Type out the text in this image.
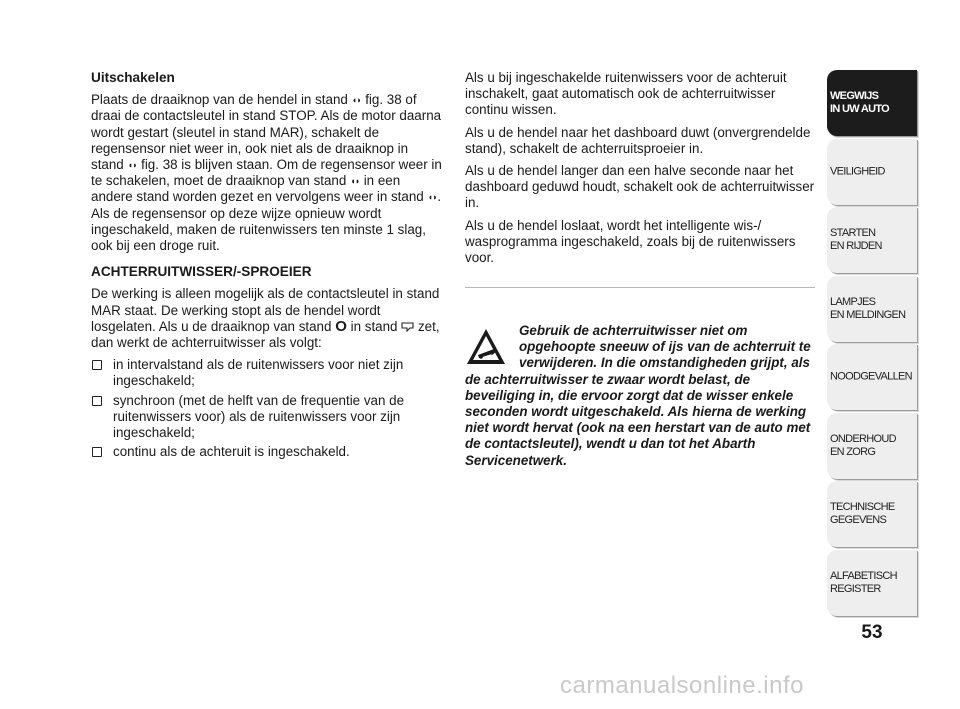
Uitschakelen

Plaats de draaiknop van de hendel in stand ◖◗ fig. 38 of draai de contactsleutel in stand STOP. Als de motor daarna wordt gestart (sleutel in stand MAR), schakelt de regensensor niet weer in, ook niet als de draaiknop in stand ◖◗ fig. 38 is blijven staan. Om de regensensor weer in te schakelen, moet de draaiknop van stand ◖◗ in een andere stand worden gezet en vervolgens weer in stand ◖◗. Als de regensensor op deze wijze opnieuw wordt ingeschakeld, maken de ruitenwissers ten minste 1 slag, ook bij een droge ruit.

ACHTERRUITWISSER/-SPROEIER

De werking is alleen mogelijk als de contactsleutel in stand MAR staat. De werking stopt als de hendel wordt losgelaten. Als u de draaiknop van stand O in stand zet, dan werkt de achterruitwisser als volgt:

in intervalstand als de ruitenwissers voor niet zijn ingeschakeld;
synchroon (met de helft van de frequentie van de ruitenwissers voor) als de ruitenwissers voor zijn ingeschakeld;
continu als de achteruit is ingeschakeld.

Als u bij ingeschakelde ruitenwissers voor de achteruit inschakelt, gaat automatisch ook de achterruitwisser continu wissen.

Als u de hendel naar het dashboard duwt (onvergrendelde stand), schakelt de achterruitsproeier in.

Als u de hendel langer dan een halve seconde naar het dashboard geduwd houdt, schakelt ook de achterruitwisser in.

Als u de hendel loslaat, wordt het intelligente wis-/ wasprogramma ingeschakeld, zoals bij de ruitenwissers voor.

Gebruik de achterruitwisser niet om opgehoopte sneeuw of ijs van de achterruit te verwijderen. In die omstandigheden grijpt, als de achterruitwisser te zwaar wordt belast, de beveiliging in, die ervoor zorgt dat de wisser enkele seconden wordt uitgeschakeld. Als hierna de werking niet wordt hervat (ook na een herstart van de auto met de contactsleutel), wendt u dan tot het Abarth Servicenetwerk.
WEGWIJS
IN UW AUTO
VEILIGHEID
STARTEN
EN RIJDEN
LAMPJES
EN MELDINGEN
NOODGEVALLEN
ONDERHOUD
EN ZORG
TECHNISCHE
GEGEVENS
ALFABETISCH
REGISTER
53
carmanualsonline.info
